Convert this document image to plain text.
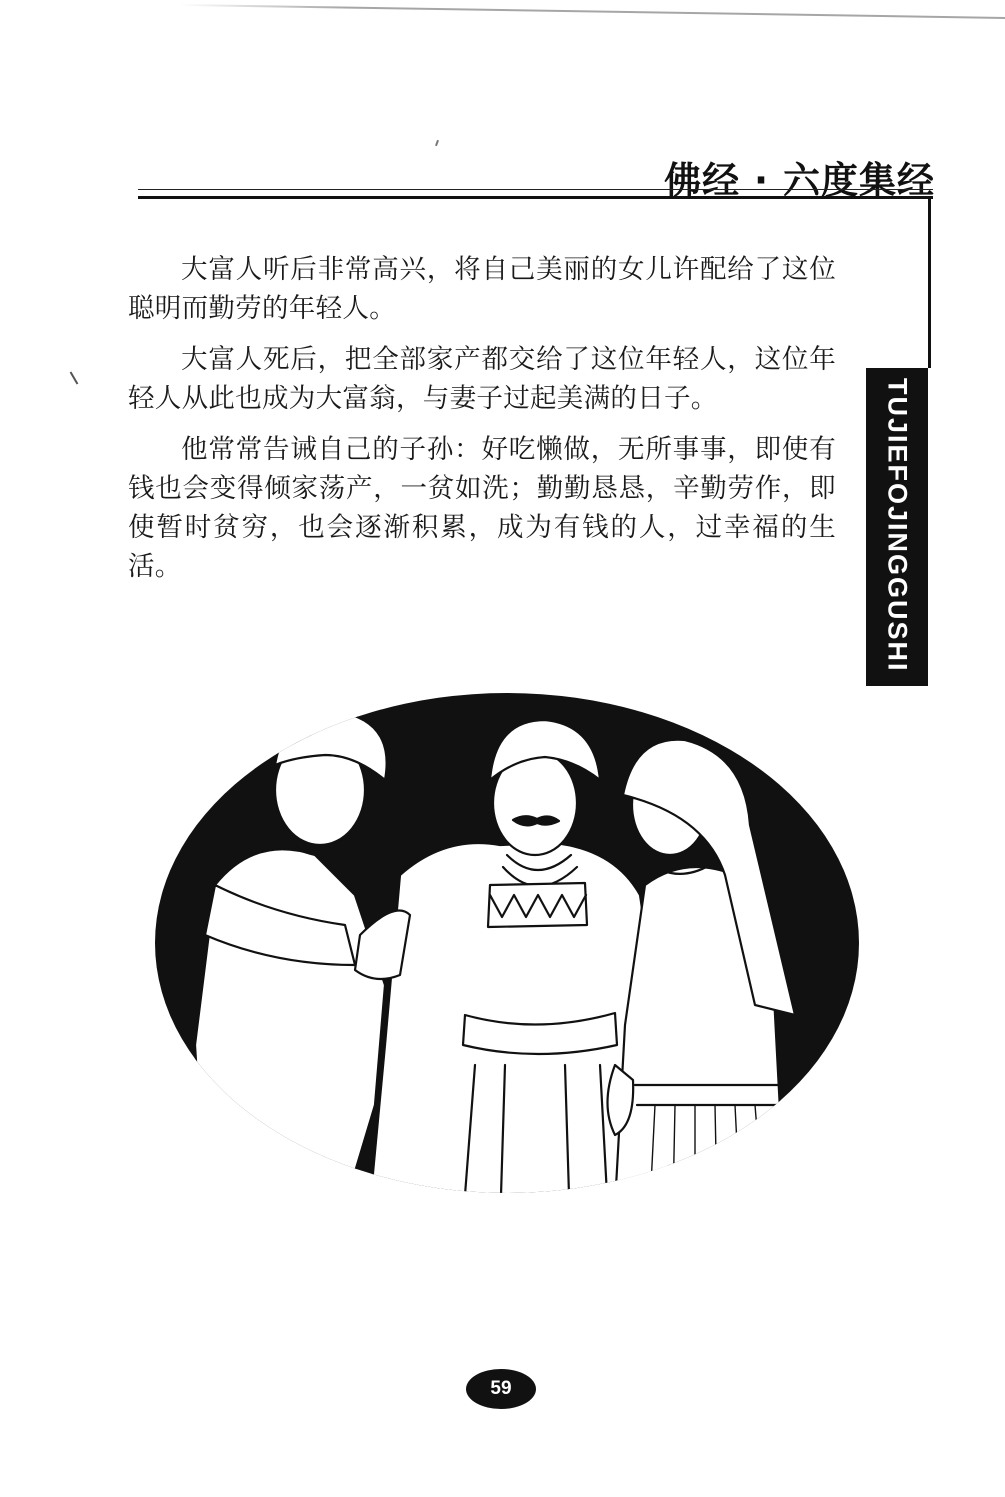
佛经 · 六度集经
TUJIEFOJINGGUSHI

大富人听后非常高兴，将自己美丽的女儿许配给了这位聪明而勤劳的年轻人。

大富人死后，把全部家产都交给了这位年轻人，这位年轻人从此也成为大富翁，与妻子过起美满的日子。

他常常告诫自己的子孙：好吃懒做，无所事事，即使有钱也会变得倾家荡产，一贫如洗；勤勤恳恳，辛勤劳作，即使暂时贫穷，也会逐渐积累，成为有钱的人，过幸福的生活。

59
